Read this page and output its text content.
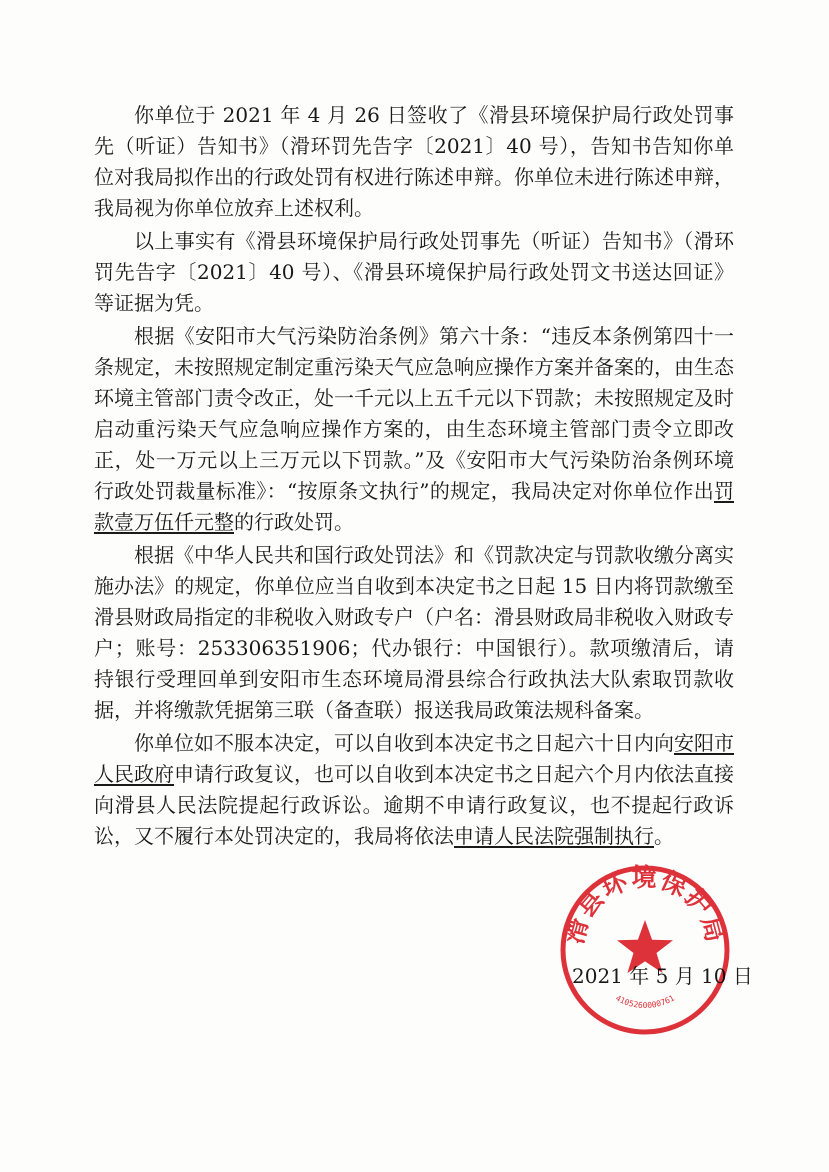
你单位于 2021 年 4 月 26 日签收了《滑县环境保护局行政处罚事先（听证）告知书》（滑环罚先告字〔2021〕40 号），告知书告知你单位对我局拟作出的行政处罚有权进行陈述申辩。你单位未进行陈述申辩，我局视为你单位放弃上述权利。

以上事实有《滑县环境保护局行政处罚事先（听证）告知书》（滑环罚先告字〔2021〕40 号）、《滑县环境保护局行政处罚文书送达回证》等证据为凭。

根据《安阳市大气污染防治条例》第六十条：“违反本条例第四十一条规定，未按照规定制定重污染天气应急响应操作方案并备案的，由生态环境主管部门责令改正，处一千元以上五千元以下罚款；未按照规定及时启动重污染天气应急响应操作方案的，由生态环境主管部门责令立即改正，处一万元以上三万元以下罚款。”及《安阳市大气污染防治条例环境行政处罚裁量标准》：“按原条文执行”的规定，我局决定对你单位作出罚款壹万伍仟元整的行政处罚。

根据《中华人民共和国行政处罚法》和《罚款决定与罚款收缴分离实施办法》的规定，你单位应当自收到本决定书之日起 15 日内将罚款缴至滑县财政局指定的非税收入财政专户（户名：滑县财政局非税收入财政专户；账号：253306351906；代办银行：中国银行）。款项缴清后，请持银行受理回单到安阳市生态环境局滑县综合行政执法大队索取罚款收据，并将缴款凭据第三联（备查联）报送我局政策法规科备案。

你单位如不服本决定，可以自收到本决定书之日起六十日内向安阳市人民政府申请行政复议，也可以自收到本决定书之日起六个月内依法直接向滑县人民法院提起行政诉讼。逾期不申请行政复议，也不提起行政诉讼，又不履行本处罚决定的，我局将依法申请人民法院强制执行。

2021 年 5 月 10 日
滑县环境保护局
4105260000761
